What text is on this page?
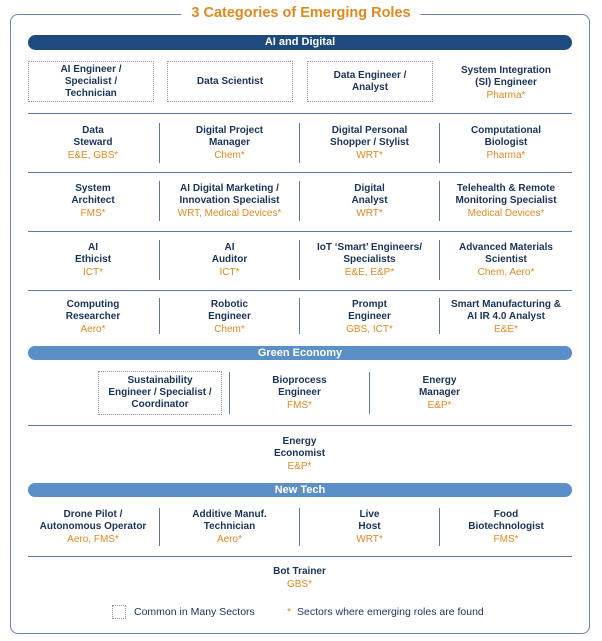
3 Categories of Emerging Roles
AI and Digital
AI Engineer /
Specialist /
Technician
Data Scientist
Data Engineer /
Analyst
System Integration
(SI) Engineer
Pharma*
Data
Steward
E&E, GBS*
Digital Project
Manager
Chem*
Digital Personal
Shopper / Stylist
WRT*
Computational
Biologist
Pharma*
System
Architect
FMS*
AI Digital Marketing /
Innovation Specialist
WRT, Medical Devices*
Digital
Analyst
WRT*
Telehealth & Remote
Monitoring Specialist
Medical Devices*
AI
Ethicist
ICT*
AI
Auditor
ICT*
IoT ‘Smart’ Engineers/
Specialists
E&E, E&P*
Advanced Materials
Scientist
Chem, Aero*
Computing
Researcher
Aero*
Robotic
Engineer
Chem*
Prompt
Engineer
GBS, ICT*
Smart Manufacturing &
AI IR 4.0 Analyst
E&E*
Green Economy
Sustainability
Engineer / Specialist /
Coordinator
Bioprocess
Engineer
FMS*
Energy
Manager
E&P*
Energy
Economist
E&P*
New Tech
Drone Pilot /
Autonomous Operator
Aero, FMS*
Additive Manuf.
Technician
Aero*
Live
Host
WRT*
Food
Biotechnologist
FMS*
Bot Trainer
GBS*
Common in Many Sectors	* Sectors where emerging roles are found
